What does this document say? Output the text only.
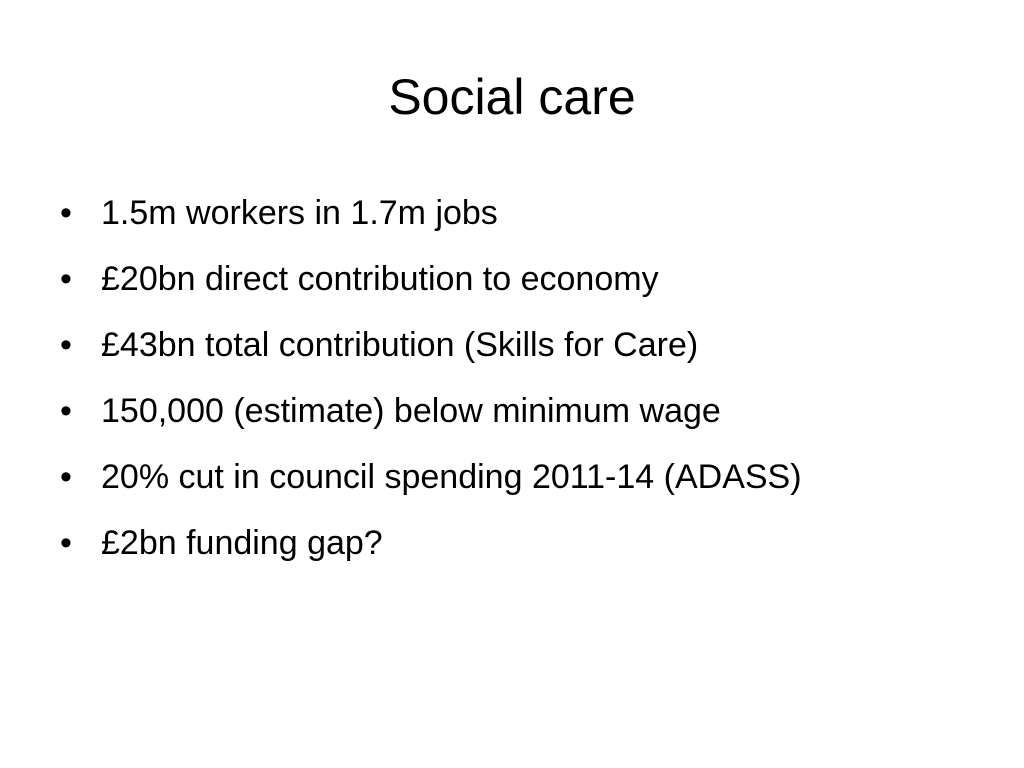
Social care
• 1.5m workers in 1.7m jobs
• £20bn direct contribution to economy
• £43bn total contribution (Skills for Care)
• 150,000 (estimate) below minimum wage
• 20% cut in council spending 2011-14 (ADASS)
• £2bn funding gap?
